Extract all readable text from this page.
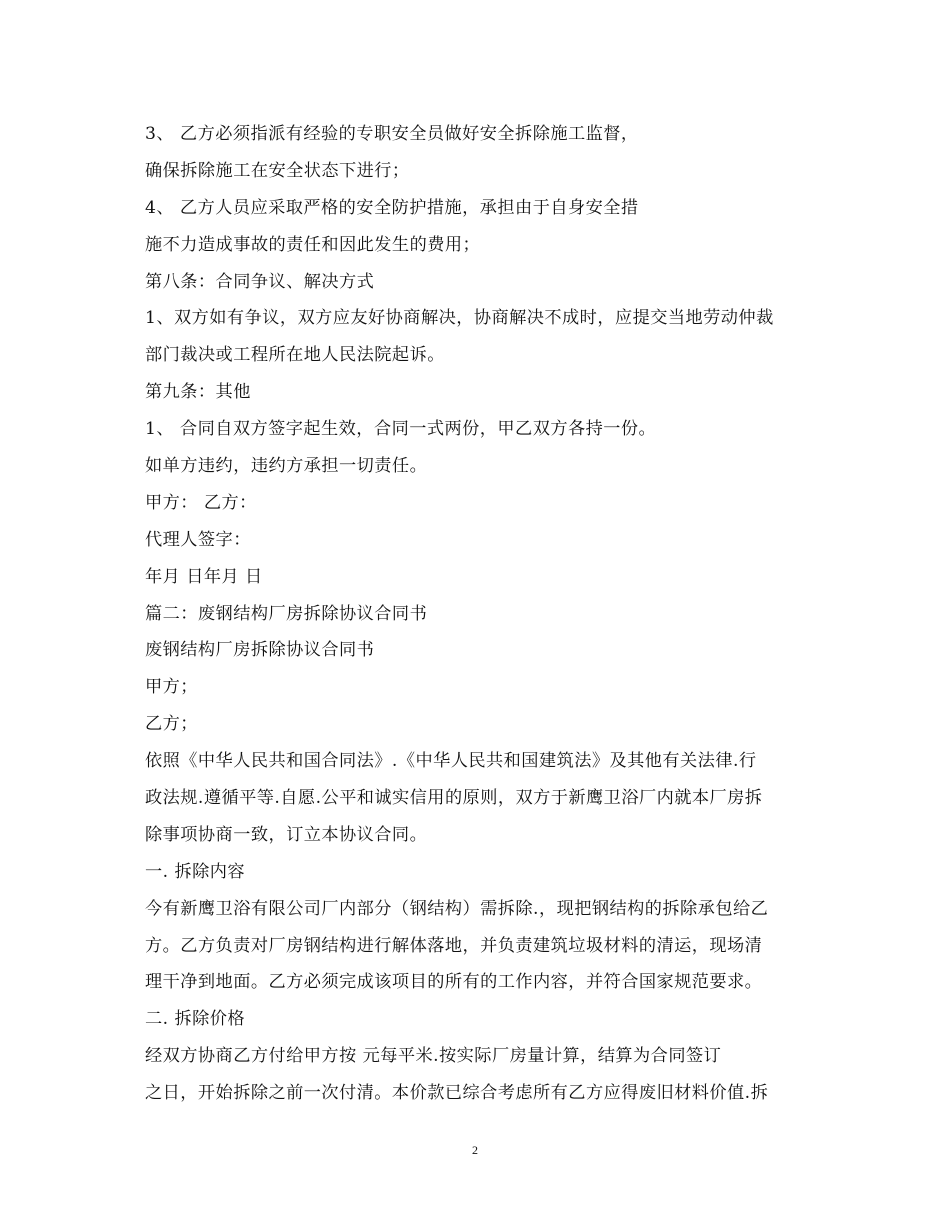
3、 乙方必须指派有经验的专职安全员做好安全拆除施工监督，
确保拆除施工在安全状态下进行；
4、 乙方人员应采取严格的安全防护措施，承担由于自身安全措
施不力造成事故的责任和因此发生的费用；
第八条：合同争议、解决方式
1、双方如有争议，双方应友好协商解决，协商解决不成时，应提交当地劳动仲裁
部门裁决或工程所在地人民法院起诉。
第九条：其他
1、 合同自双方签字起生效，合同一式两份，甲乙双方各持一份。
如单方违约，违约方承担一切责任。
甲方： 乙方：
代理人签字：
年月 日年月 日
篇二：废钢结构厂房拆除协议合同书
废钢结构厂房拆除协议合同书
甲方；
乙方；
依照《中华人民共和国合同法》.《中华人民共和国建筑法》及其他有关法律.行
政法规.遵循平等.自愿.公平和诚实信用的原则，双方于新鹰卫浴厂内就本厂房拆
除事项协商一致，订立本协议合同。
一. 拆除内容
今有新鹰卫浴有限公司厂内部分（钢结构）需拆除.，现把钢结构的拆除承包给乙
方。乙方负责对厂房钢结构进行解体落地，并负责建筑垃圾材料的清运，现场清
理干净到地面。乙方必须完成该项目的所有的工作内容，并符合国家规范要求。
二. 拆除价格
经双方协商乙方付给甲方按 元每平米.按实际厂房量计算，结算为合同签订
之日，开始拆除之前一次付清。本价款已综合考虑所有乙方应得废旧材料价值.拆
2
